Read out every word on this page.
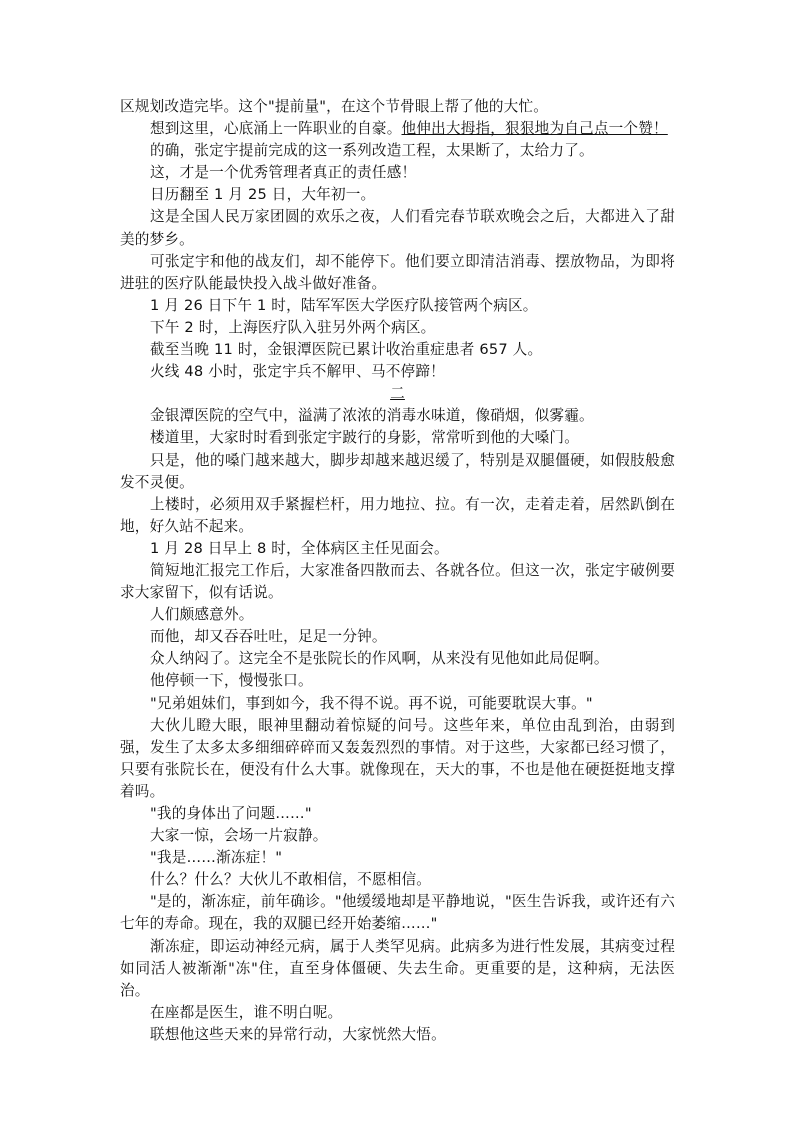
区规划改造完毕。这个"提前量"，在这个节骨眼上帮了他的大忙。

想到这里，心底涌上一阵职业的自豪。他伸出大拇指，狠狠地为自己点一个赞！

的确，张定宇提前完成的这一系列改造工程，太果断了，太给力了。

这，才是一个优秀管理者真正的责任感！

日历翻至 1 月 25 日，大年初一。

这是全国人民万家团圆的欢乐之夜，人们看完春节联欢晚会之后，大都进入了甜美的梦乡。

可张定宇和他的战友们，却不能停下。他们要立即清洁消毒、摆放物品，为即将进驻的医疗队能最快投入战斗做好准备。

1 月 26 日下午 1 时，陆军军医大学医疗队接管两个病区。

下午 2 时，上海医疗队入驻另外两个病区。

截至当晚 11 时，金银潭医院已累计收治重症患者 657 人。

火线 48 小时，张定宇兵不解甲、马不停蹄！

二

金银潭医院的空气中，溢满了浓浓的消毒水味道，像硝烟，似雾霾。

楼道里，大家时时看到张定宇跛行的身影，常常听到他的大嗓门。

只是，他的嗓门越来越大，脚步却越来越迟缓了，特别是双腿僵硬，如假肢般愈发不灵便。

上楼时，必须用双手紧握栏杆，用力地拉、拉。有一次，走着走着，居然趴倒在地，好久站不起来。

1 月 28 日早上 8 时，全体病区主任见面会。

简短地汇报完工作后，大家准备四散而去、各就各位。但这一次，张定宇破例要求大家留下，似有话说。

人们颇感意外。

而他，却又吞吞吐吐，足足一分钟。

众人纳闷了。这完全不是张院长的作风啊，从来没有见他如此局促啊。

他停顿一下，慢慢张口。

"兄弟姐妹们，事到如今，我不得不说。再不说，可能要耽误大事。"

大伙儿瞪大眼，眼神里翻动着惊疑的问号。这些年来，单位由乱到治，由弱到强，发生了太多太多细细碎碎而又轰轰烈烈的事情。对于这些，大家都已经习惯了，只要有张院长在，便没有什么大事。就像现在，天大的事，不也是他在硬挺挺地支撑着吗。

"我的身体出了问题……"

大家一惊，会场一片寂静。

"我是……渐冻症！"

什么？什么？大伙儿不敢相信，不愿相信。

"是的，渐冻症，前年确诊。"他缓缓地却是平静地说，"医生告诉我，或许还有六七年的寿命。现在，我的双腿已经开始萎缩……"

渐冻症，即运动神经元病，属于人类罕见病。此病多为进行性发展，其病变过程如同活人被渐渐"冻"住，直至身体僵硬、失去生命。更重要的是，这种病，无法医治。

在座都是医生，谁不明白呢。

联想他这些天来的异常行动，大家恍然大悟。
